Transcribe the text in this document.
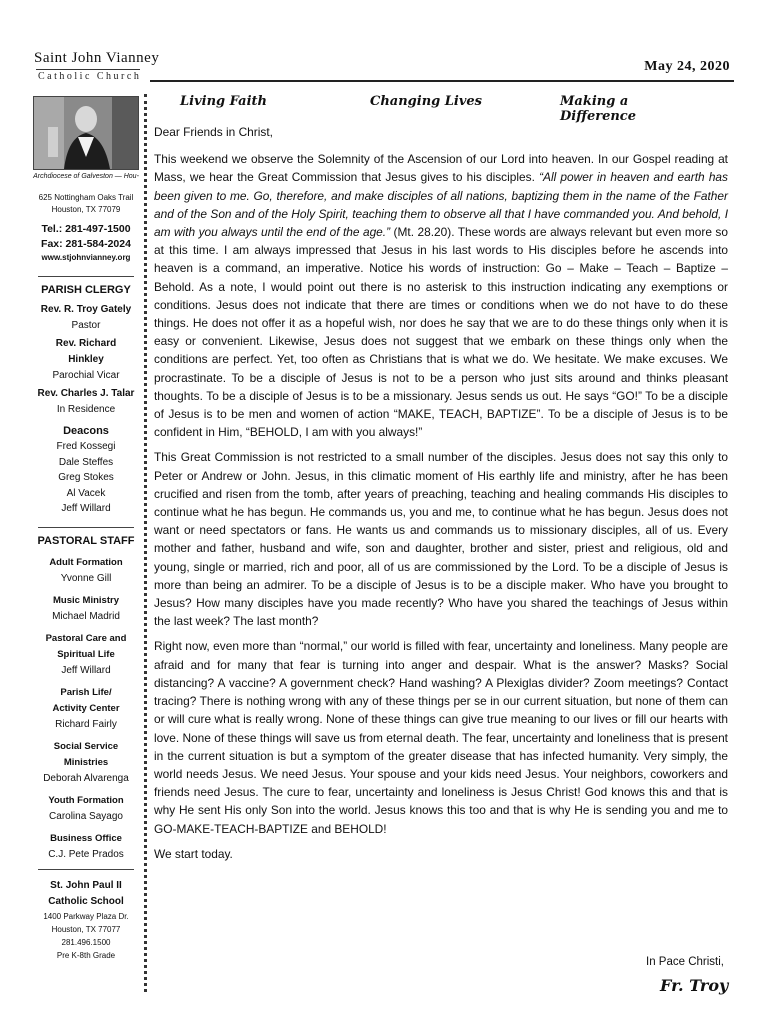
Saint John Vianney
Catholic Church
May 24, 2020
Archdiocese of Galveston — Hou-
625 Nottingham Oaks Trail
Houston, TX 77079
Tel.: 281-497-1500
Fax: 281-584-2024
www.stjohnvianney.org
PARISH CLERGY
Rev. R. Troy Gately
Pastor
Rev. Richard Hinkley
Parochial Vicar
Rev. Charles J. Talar
In Residence
Deacons
Fred Kossegi
Dale Steffes
Greg Stokes
Al Vacek
Jeff Willard
PASTORAL STAFF
Adult Formation
Yvonne Gill
Music Ministry
Michael Madrid
Pastoral Care and Spiritual Life
Jeff Willard
Parish Life/ Activity Center
Richard Fairly
Social Service Ministries
Deborah Alvarenga
Youth Formation
Carolina Sayago
Business Office
C.J. Pete Prados
St. John Paul II Catholic School
1400 Parkway Plaza Dr.
Houston, TX 77077
281.496.1500
Pre K-8th Grade
Living Faith	Changing Lives	Making a Difference

Dear Friends in Christ,

This weekend we observe the Solemnity of the Ascension of our Lord into heaven. In our Gospel reading at Mass, we hear the Great Commission that Jesus gives to his disciples. “All power in heaven and earth has been given to me. Go, therefore, and make disciples of all nations, baptizing them in the name of the Father and of the Son and of the Holy Spirit, teaching them to observe all that I have commanded you. And behold, I am with you always until the end of the age.” (Mt. 28.20). These words are always relevant but even more so at this time. I am always impressed that Jesus in his last words to His disciples before he ascends into heaven is a command, an imperative. Notice his words of instruction: Go – Make – Teach – Baptize – Behold. As a note, I would point out there is no asterisk to this instruction indicating any exemptions or conditions. Jesus does not indicate that there are times or conditions when we do not have to do these things. He does not offer it as a hopeful wish, nor does he say that we are to do these things only when it is easy or convenient. Likewise, Jesus does not suggest that we embark on these things only when the conditions are perfect. Yet, too often as Christians that is what we do. We hesitate. We make excuses. We procrastinate. To be a disciple of Jesus is not to be a person who just sits around and thinks pleasant thoughts. To be a disciple of Jesus is to be a missionary. Jesus sends us out. He says “GO!” To be a disciple of Jesus is to be men and women of action “MAKE, TEACH, BAPTIZE”. To be a disciple of Jesus is to be confident in Him, “BEHOLD, I am with you always!”

This Great Commission is not restricted to a small number of the disciples. Jesus does not say this only to Peter or Andrew or John. Jesus, in this climatic moment of His earthly life and ministry, after he has been crucified and risen from the tomb, after years of preaching, teaching and healing commands His disciples to continue what he has begun. He commands us, you and me, to continue what he has begun. Jesus does not want or need spectators or fans. He wants us and commands us to missionary disciples, all of us. Every mother and father, husband and wife, son and daughter, brother and sister, priest and religious, old and young, single or married, rich and poor, all of us are commissioned by the Lord. To be a disciple of Jesus is more than being an admirer. To be a disciple of Jesus is to be a disciple maker. Who have you brought to Jesus? How many disciples have you made recently? Who have you shared the teachings of Jesus within the last week? The last month?

Right now, even more than “normal,” our world is filled with fear, uncertainty and loneliness. Many people are afraid and for many that fear is turning into anger and despair. What is the answer? Masks? Social distancing? A vaccine? A government check? Hand washing? A Plexiglas divider? Zoom meetings? Contact tracing? There is nothing wrong with any of these things per se in our current situation, but none of them can or will cure what is really wrong. None of these things can give true meaning to our lives or fill our hearts with love. None of these things will save us from eternal death. The fear, uncertainty and loneliness that is present in the current situation is but a symptom of the greater disease that has infected humanity. Very simply, the world needs Jesus. We need Jesus. Your spouse and your kids need Jesus. Your neighbors, coworkers and friends need Jesus. The cure to fear, uncertainty and loneliness is Jesus Christ! God knows this and that is why He sent His only Son into the world. Jesus knows this too and that is why He is sending you and me to GO-MAKE-TEACH-BAPTIZE and BEHOLD!

We start today.

In Pace Christi,
Fr. Troy
